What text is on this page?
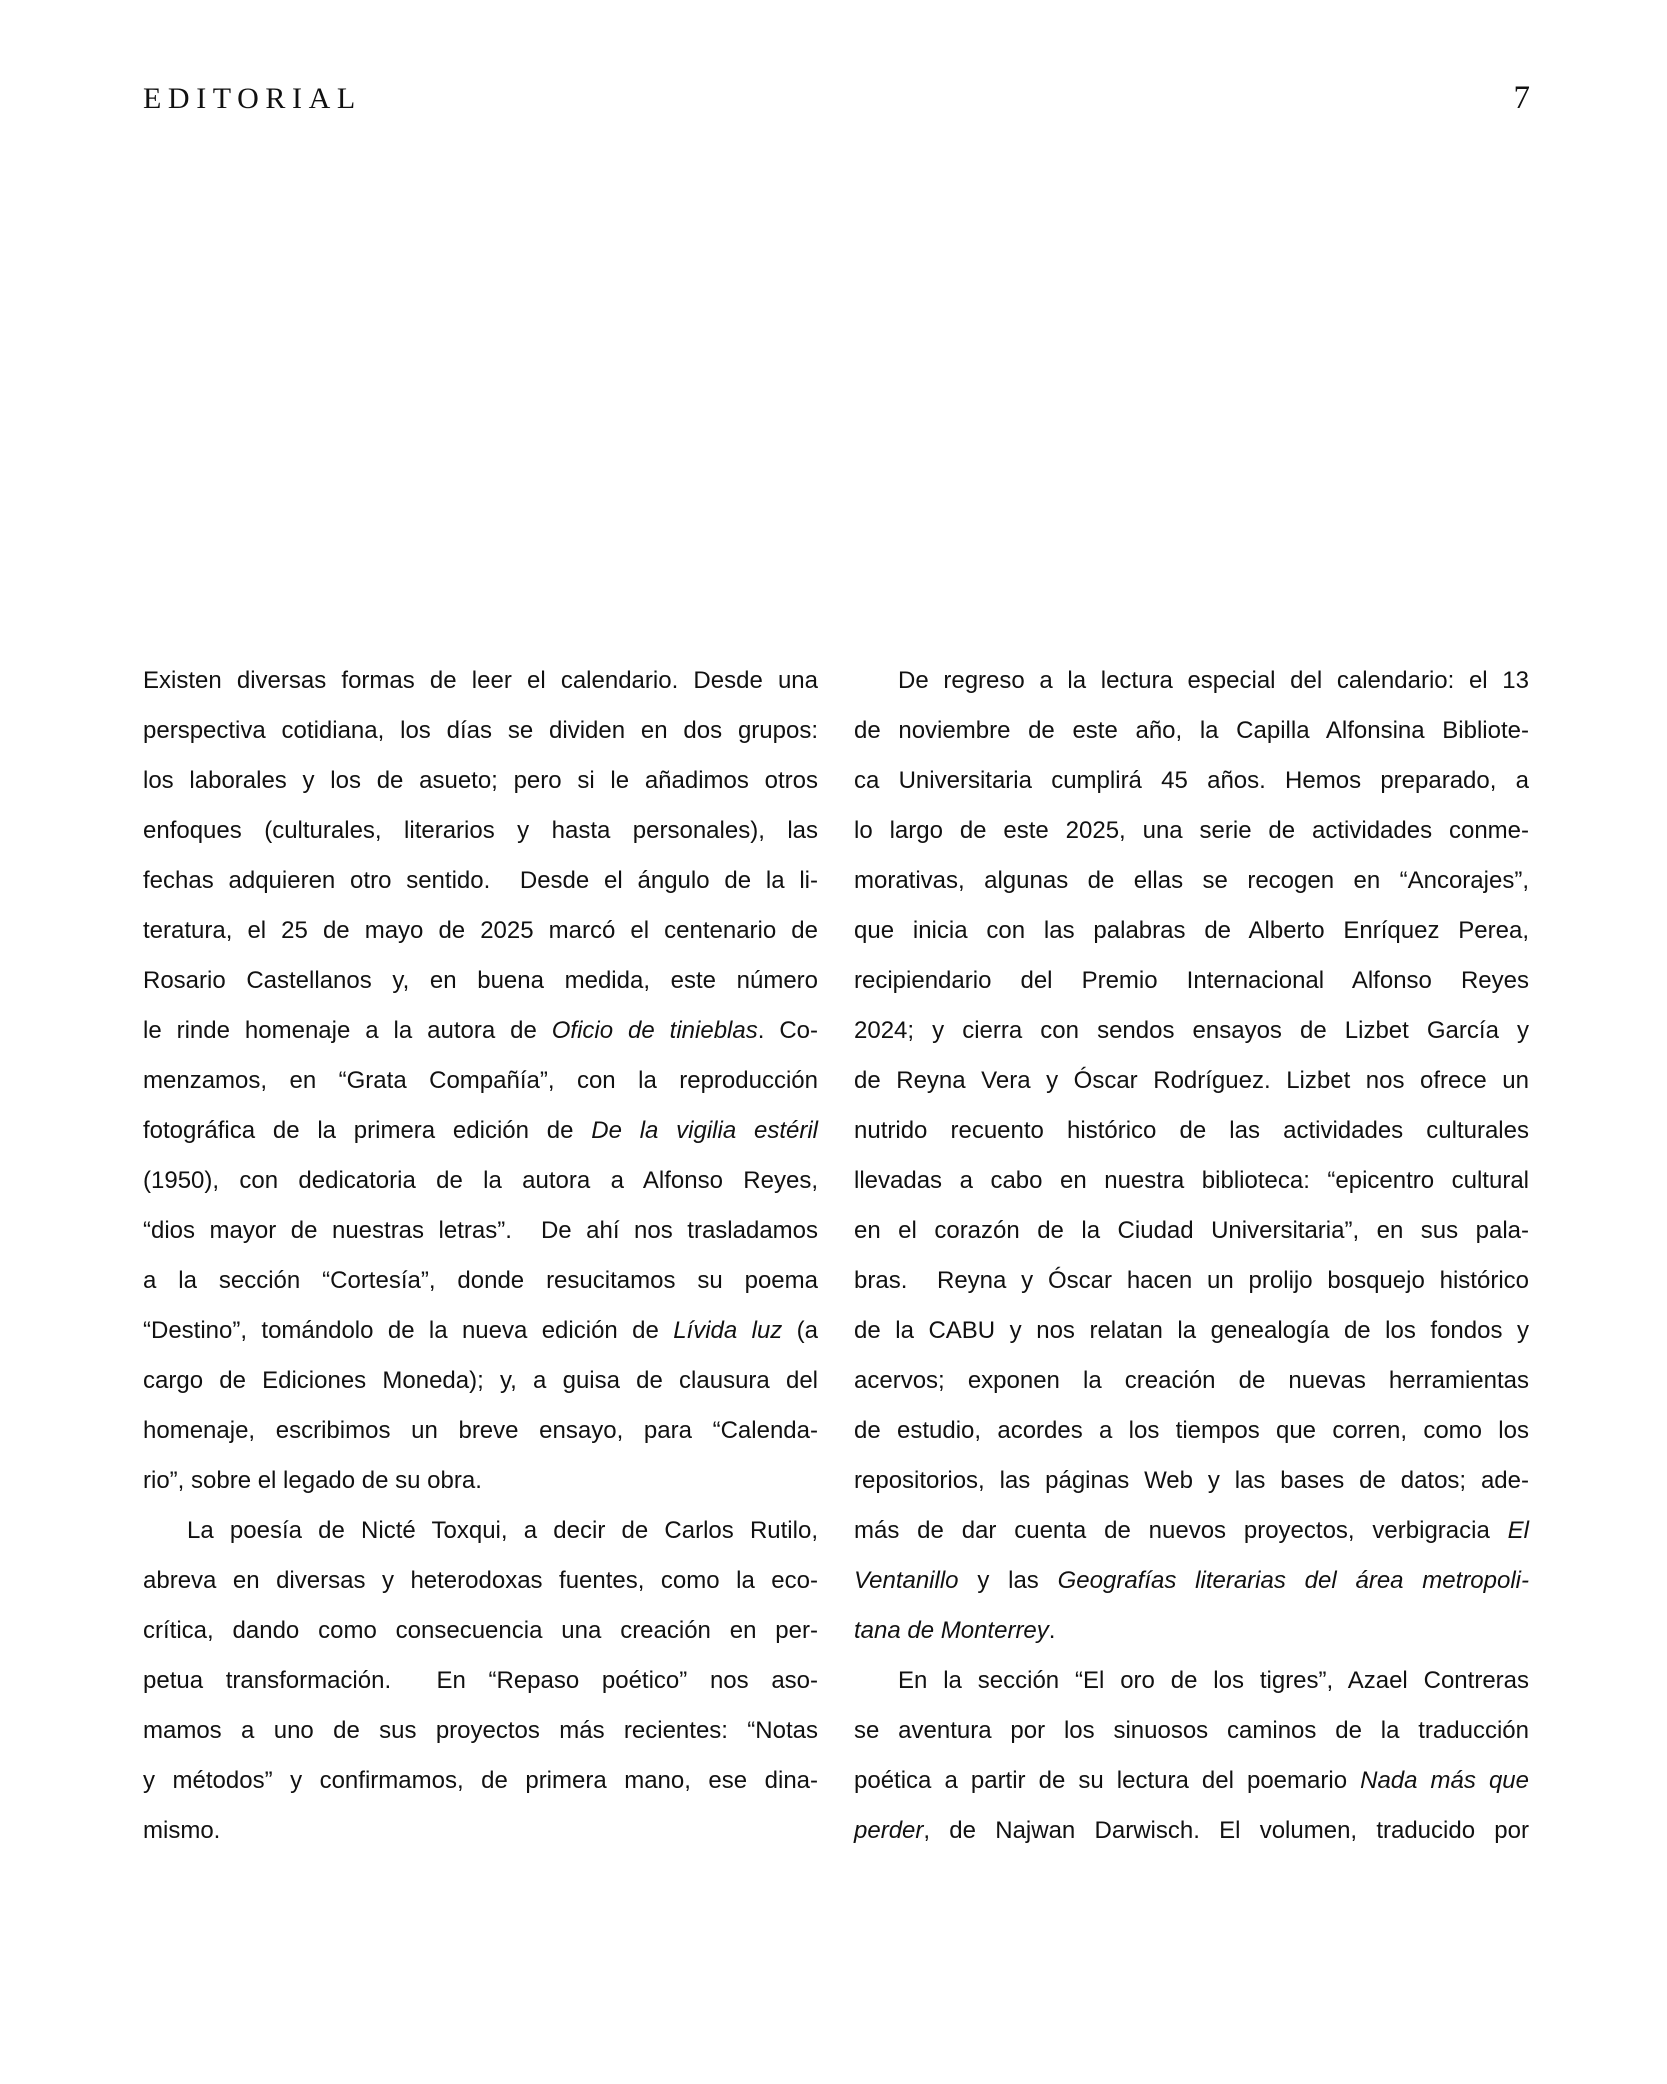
EDITORIAL	7
Existen diversas formas de leer el calendario. Desde una
perspectiva cotidiana, los días se dividen en dos grupos:
los laborales y los de asueto; pero si le añadimos otros
enfoques (culturales, literarios y hasta personales), las
fechas adquieren otro sentido.  Desde el ángulo de la li-
teratura, el 25 de mayo de 2025 marcó el centenario de
Rosario Castellanos y, en buena medida, este número
le rinde homenaje a la autora de Oficio de tinieblas. Co-
menzamos, en “Grata Compañía”, con la reproducción
fotográfica de la primera edición de De la vigilia estéril
(1950), con dedicatoria de la autora a Alfonso Reyes,
“dios mayor de nuestras letras”.  De ahí nos trasladamos
a la sección “Cortesía”, donde resucitamos su poema
“Destino”, tomándolo de la nueva edición de Lívida luz (a
cargo de Ediciones Moneda); y, a guisa de clausura del
homenaje, escribimos un breve ensayo, para “Calenda-
rio”, sobre el legado de su obra.
La poesía de Nicté Toxqui, a decir de Carlos Rutilo,
abreva en diversas y heterodoxas fuentes, como la eco-
crítica, dando como consecuencia una creación en per-
petua transformación.  En “Repaso poético” nos aso-
mamos a uno de sus proyectos más recientes: “Notas
y métodos” y confirmamos, de primera mano, ese dina-
mismo.
De regreso a la lectura especial del calendario: el 13
de noviembre de este año, la Capilla Alfonsina Bibliote-
ca Universitaria cumplirá 45 años. Hemos preparado, a
lo largo de este 2025, una serie de actividades conme-
morativas, algunas de ellas se recogen en “Ancorajes”,
que inicia con las palabras de Alberto Enríquez Perea,
recipiendario del Premio Internacional Alfonso Reyes
2024; y cierra con sendos ensayos de Lizbet García y
de Reyna Vera y Óscar Rodríguez. Lizbet nos ofrece un
nutrido recuento histórico de las actividades culturales
llevadas a cabo en nuestra biblioteca: “epicentro cultural
en el corazón de la Ciudad Universitaria”, en sus pala-
bras.  Reyna y Óscar hacen un prolijo bosquejo histórico
de la CABU y nos relatan la genealogía de los fondos y
acervos; exponen la creación de nuevas herramientas
de estudio, acordes a los tiempos que corren, como los
repositorios, las páginas Web y las bases de datos; ade-
más de dar cuenta de nuevos proyectos, verbigracia El
Ventanillo y las Geografías literarias del área metropoli-
tana de Monterrey.
En la sección “El oro de los tigres”, Azael Contreras
se aventura por los sinuosos caminos de la traducción
poética a partir de su lectura del poemario Nada más que
perder, de Najwan Darwisch. El volumen, traducido por
